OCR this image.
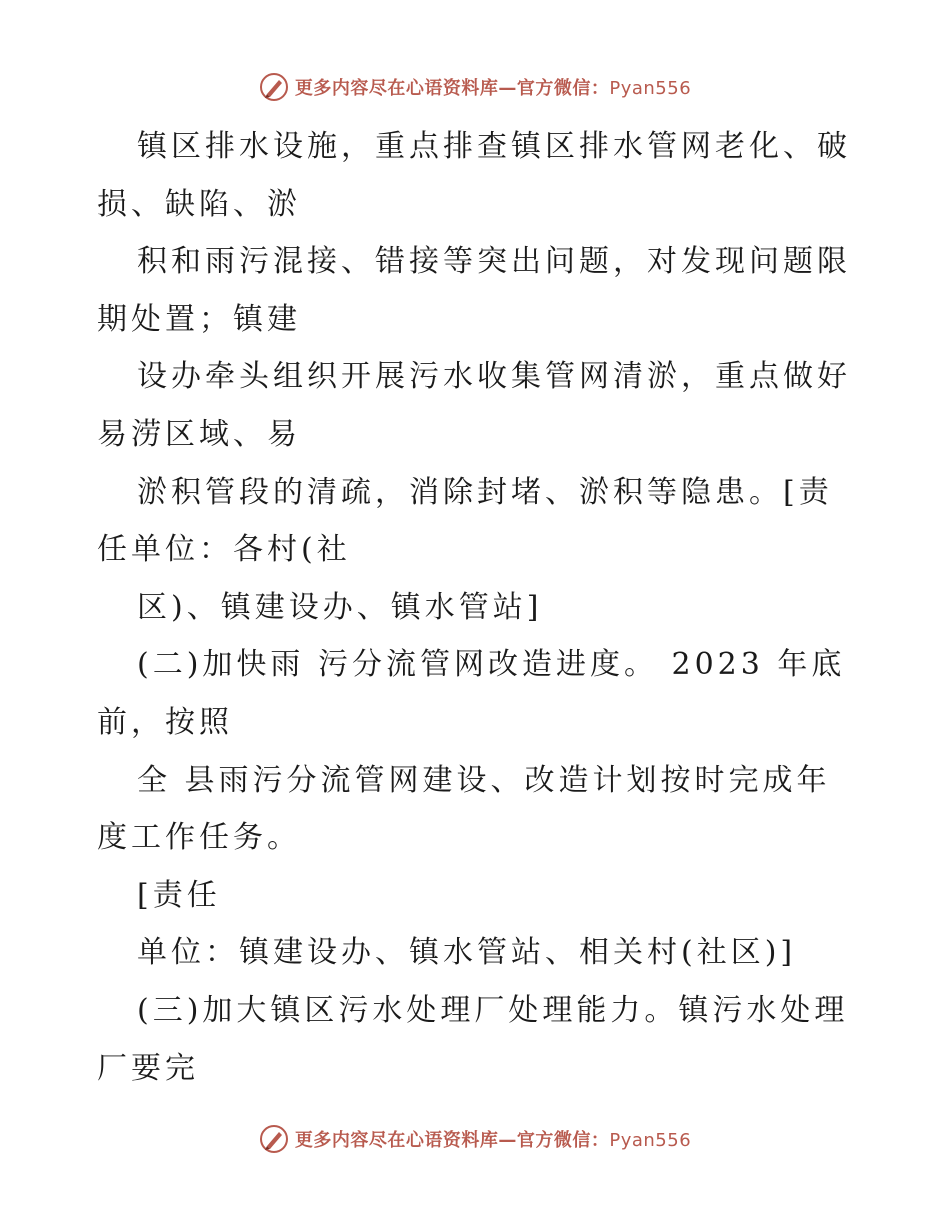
更多内容尽在心语资料库—官方微信：Pyan556

镇区排水设施，重点排查镇区排水管网老化、破

损、缺陷、淤

积和雨污混接、错接等突出问题，对发现问题限

期处置；镇建

设办牵头组织开展污水收集管网清淤，重点做好

易涝区域、易

淤积管段的清疏，消除封堵、淤积等隐患。[责

任单位：各村(社

区)、镇建设办、镇水管站]

(二)加快雨 污分流管网改造进度。 2023 年底

前，按照

全 县雨污分流管网建设、改造计划按时完成年

度工作任务。

[责任

单位：镇建设办、镇水管站、相关村(社区)]

(三)加大镇区污水处理厂处理能力。镇污水处理

厂要完

更多内容尽在心语资料库—官方微信：Pyan556
